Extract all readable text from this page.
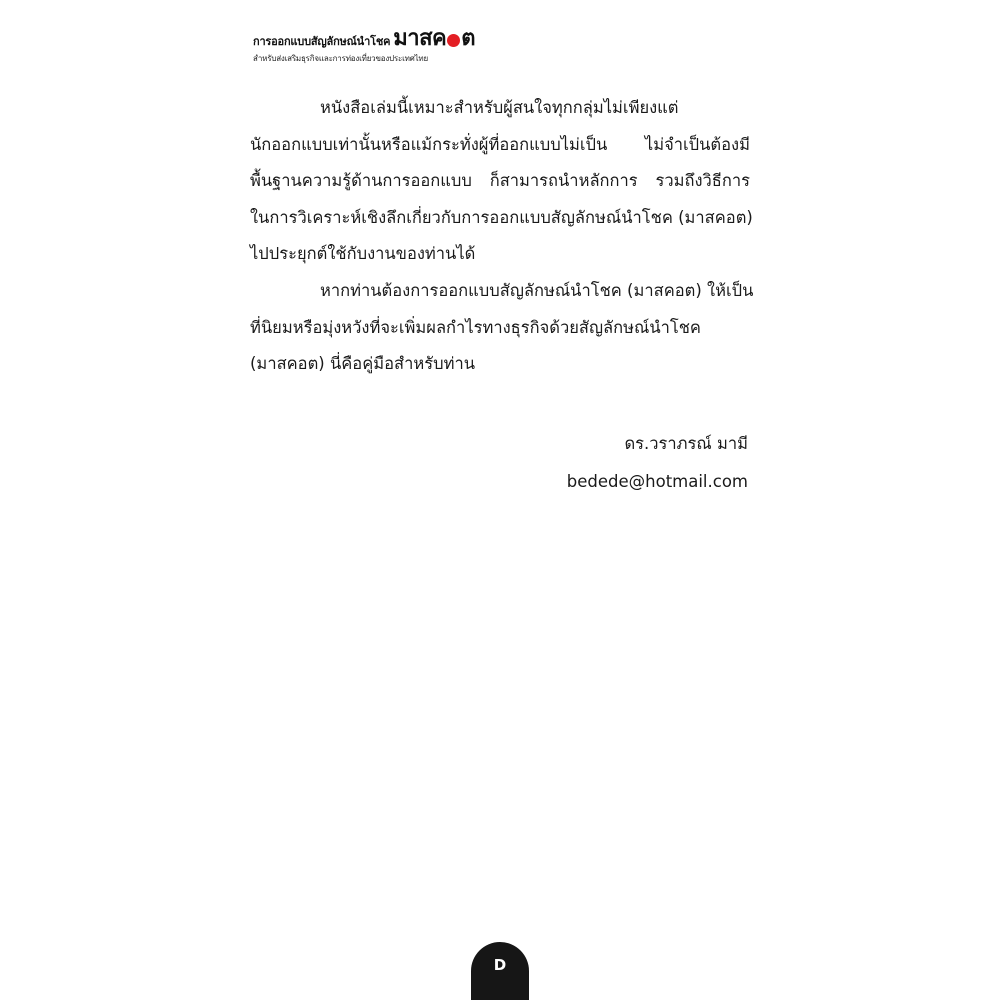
การออกแบบสัญลักษณ์นำโชค มาสค ต
สำหรับส่งเสริมธุรกิจและการท่องเที่ยวของประเทศไทย
หนังสือเล่มนี้เหมาะสำหรับผู้สนใจทุกกลุ่มไม่เพียงแต่
นักออกแบบเท่านั้นหรือแม้กระทั่งผู้ที่ออกแบบไม่เป็น ไม่จำเป็นต้องมี
พื้นฐานความรู้ด้านการออกแบบ ก็สามารถนำหลักการ รวมถึงวิธีการ
ในการวิเคราะห์เชิงลึกเกี่ยวกับการออกแบบสัญลักษณ์นำโชค (มาสคอต)
ไปประยุกต์ใช้กับงานของท่านได้
หากท่านต้องการออกแบบสัญลักษณ์นำโชค (มาสคอต) ให้เป็น
ที่นิยมหรือมุ่งหวังที่จะเพิ่มผลกำไรทางธุรกิจด้วยสัญลักษณ์นำโชค
(มาสคอต) นี่คือคู่มือสำหรับท่าน
ดร.วราภรณ์ มามี
bedede@hotmail.com
D
